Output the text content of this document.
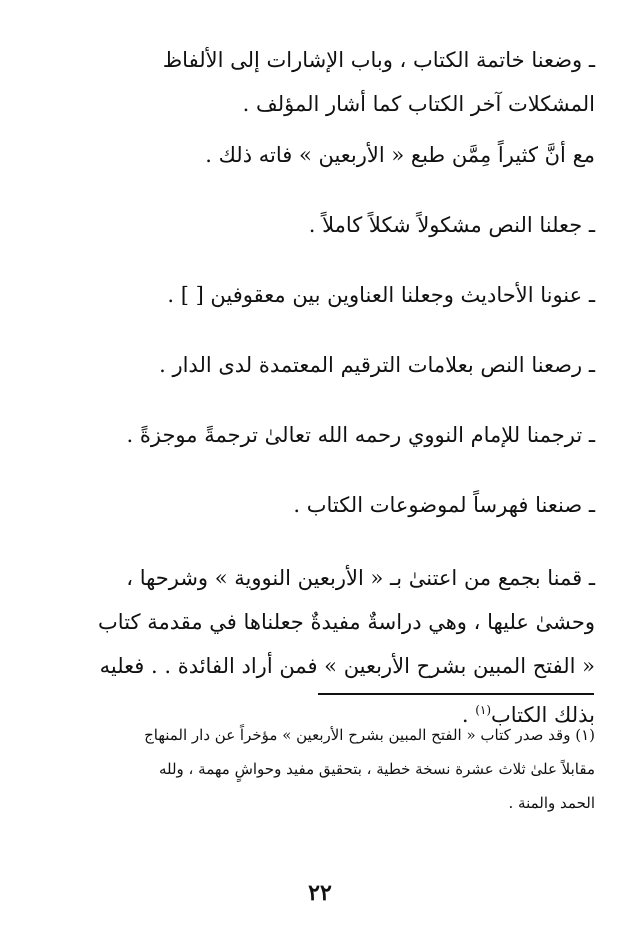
ـ وضعنا خاتمة الكتاب ، وباب الإشارات إلى الألفاظ
المشكلات آخر الكتاب كما أشار المؤلف .
مع أنَّ كثيراً مِمَّن طبع « الأربعين » فاته ذلك .
ـ جعلنا النص مشكولاً شكلاً كاملاً .
ـ عنونا الأحاديث وجعلنا العناوين بين معقوفين [ ] .
ـ رصعنا النص بعلامات الترقيم المعتمدة لدى الدار .
ـ ترجمنا للإمام النووي رحمه الله تعالىٰ ترجمةً موجزةً .
ـ صنعنا فهرساً لموضوعات الكتاب .
ـ قمنا بجمع من اعتنىٰ بـ « الأربعين النووية » وشرحها ،
وحشىٰ عليها ، وهي دراسةٌ مفيدةٌ جعلناها في مقدمة كتاب
« الفتح المبين بشرح الأربعين » فمن أراد الفائدة . . فعليه
بذلك الكتاب$^{(١)}$ .
(١) وقد صدر كتاب « الفتح المبين بشرح الأربعين » مؤخراً عن دار المنهاج
مقابلاً علىٰ ثلاث عشرة نسخة خطية ، بتحقيق مفيد وحواشٍ مهمة ، ولله
الحمد والمنة .
٢٢
